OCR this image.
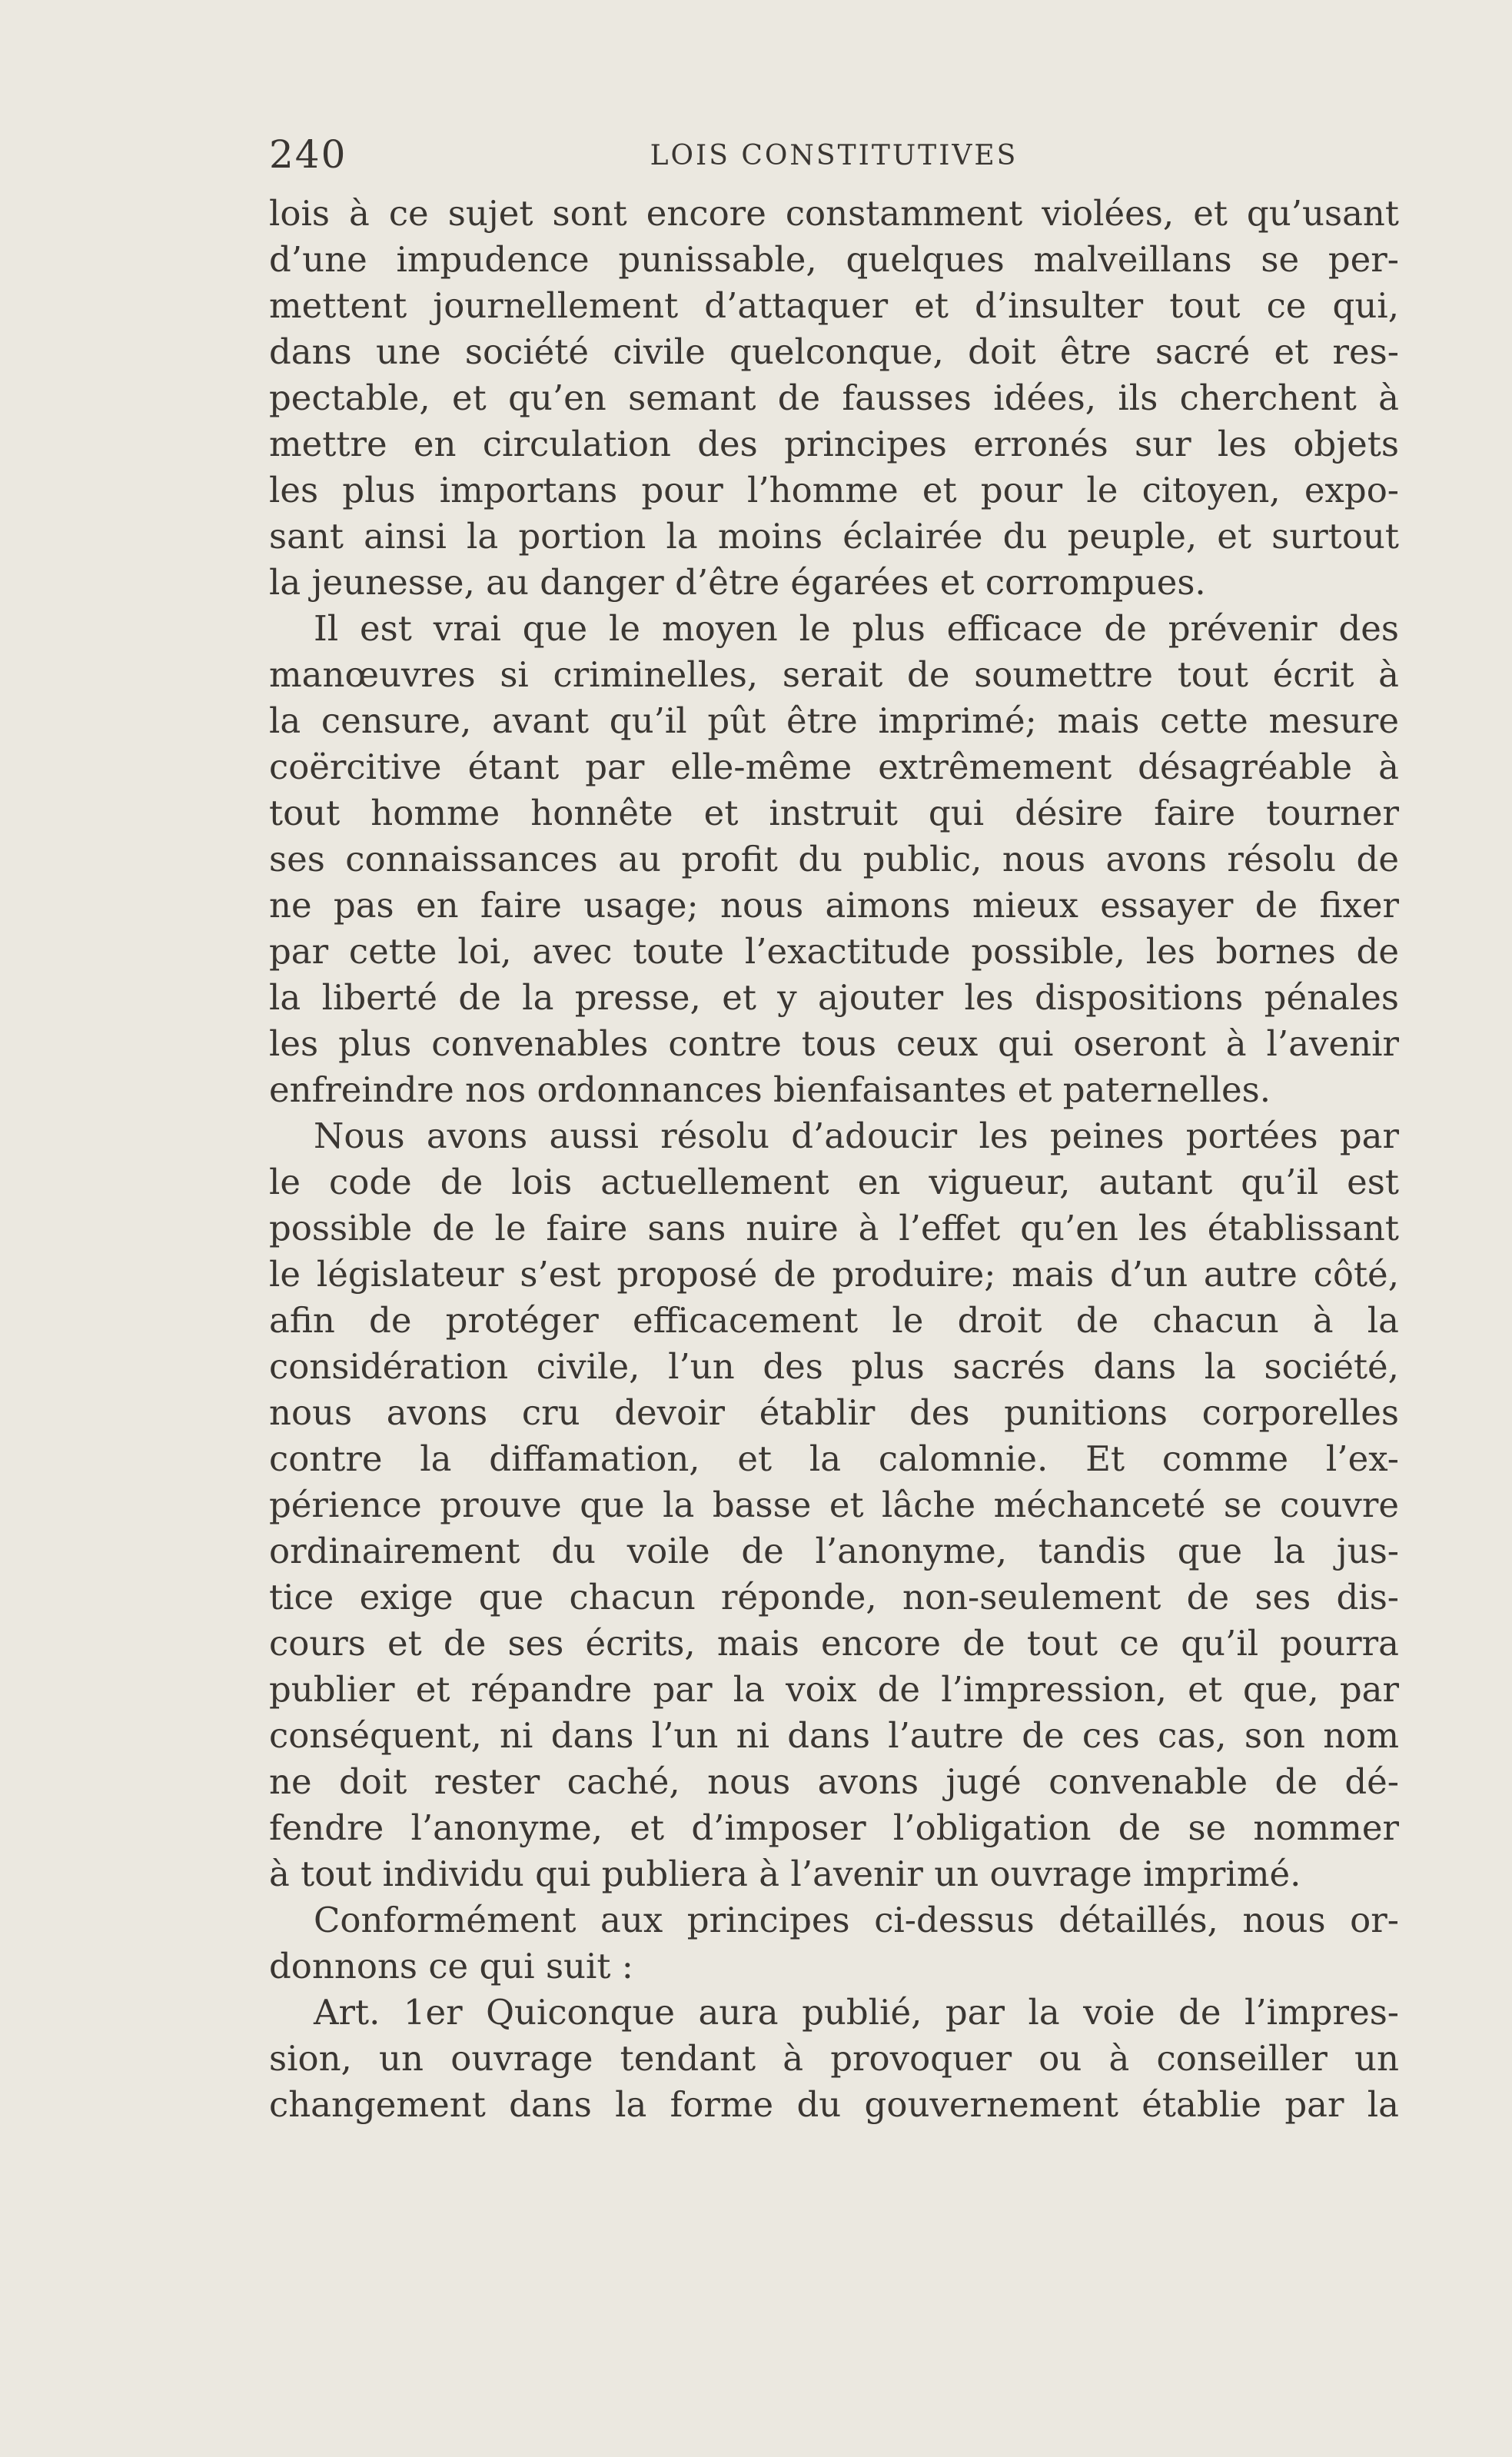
240	LOIS CONSTITUTIVES
lois à ce sujet sont encore constamment violées, et qu’usant
d’une impudence punissable, quelques malveillans se per-
mettent journellement d’attaquer et d’insulter tout ce qui,
dans une société civile quelconque, doit être sacré et res-
pectable, et qu’en semant de fausses idées, ils cherchent à
mettre en circulation des principes erronés sur les objets
les plus importans pour l’homme et pour le citoyen, expo-
sant ainsi la portion la moins éclairée du peuple, et surtout
la jeunesse, au danger d’être égarées et corrompues.
Il est vrai que le moyen le plus efficace de prévenir des
manœuvres si criminelles, serait de soumettre tout écrit à
la censure, avant qu’il pût être imprimé; mais cette mesure
coërcitive étant par elle-même extrêmement désagréable à
tout homme honnête et instruit qui désire faire tourner
ses connaissances au profit du public, nous avons résolu de
ne pas en faire usage; nous aimons mieux essayer de fixer
par cette loi, avec toute l’exactitude possible, les bornes de
la liberté de la presse, et y ajouter les dispositions pénales
les plus convenables contre tous ceux qui oseront à l’avenir
enfreindre nos ordonnances bienfaisantes et paternelles.
Nous avons aussi résolu d’adoucir les peines portées par
le code de lois actuellement en vigueur, autant qu’il est
possible de le faire sans nuire à l’effet qu’en les établissant
le législateur s’est proposé de produire; mais d’un autre côté,
afin de protéger efficacement le droit de chacun à la
considération civile, l’un des plus sacrés dans la société,
nous avons cru devoir établir des punitions corporelles
contre la diffamation, et la calomnie. Et comme l’ex-
périence prouve que la basse et lâche méchanceté se couvre
ordinairement du voile de l’anonyme, tandis que la jus-
tice exige que chacun réponde, non-seulement de ses dis-
cours et de ses écrits, mais encore de tout ce qu’il pourra
publier et répandre par la voix de l’impression, et que, par
conséquent, ni dans l’un ni dans l’autre de ces cas, son nom
ne doit rester caché, nous avons jugé convenable de dé-
fendre l’anonyme, et d’imposer l’obligation de se nommer
à tout individu qui publiera à l’avenir un ouvrage imprimé.
Conformément aux principes ci-dessus détaillés, nous or-
donnons ce qui suit :
Art. 1er Quiconque aura publié, par la voie de l’impres-
sion, un ouvrage tendant à provoquer ou à conseiller un
changement dans la forme du gouvernement établie par la
